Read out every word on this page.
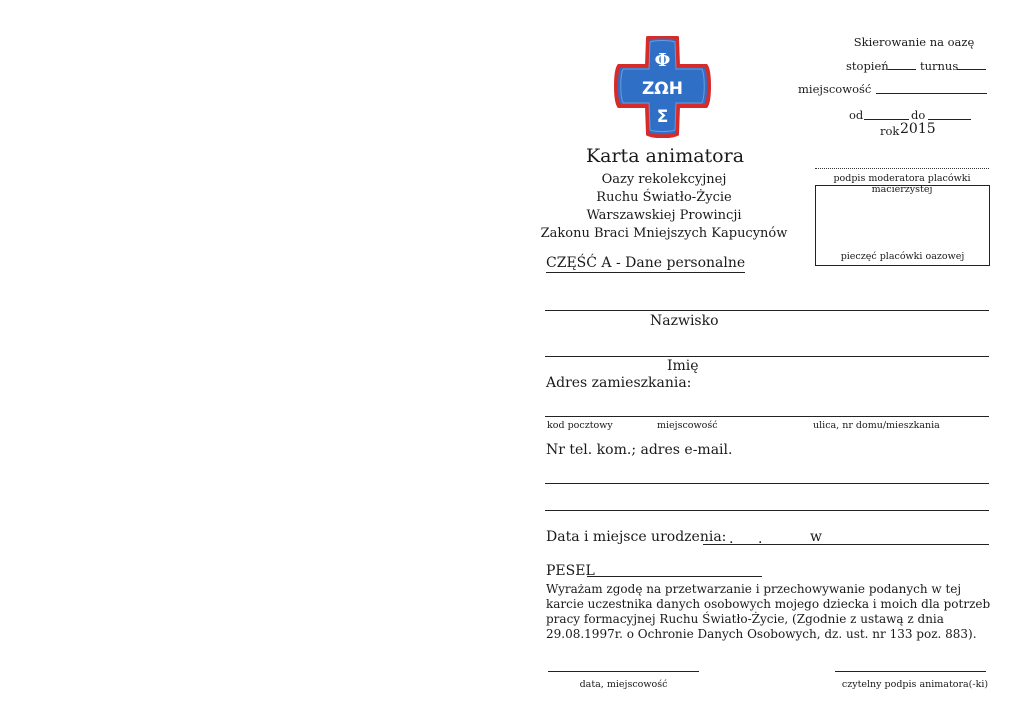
Φ
ΖΩΗ
Σ
Karta animatora
Oazy rekolekcyjnej
Ruchu Światło-Życie
Warszawskiej Prowincji
Zakonu Braci Mniejszych Kapucynów
Skierowanie na oazę
stopień	turnus
miejscowość
od	do
rok 2015
podpis moderatora placówki macierzystej
pieczęć placówki oazowej
CZĘŚĆ A - Dane personalne
Nazwisko
Imię
Adres zamieszkania:
kod pocztowy	miejscowość	ulica, nr domu/mieszkania
Nr tel. kom.; adres e-mail.
Data i miejsce urodzenia: . .	w
PESEL
Wyrażam zgodę na przetwarzanie i przechowywanie podanych w tej karcie uczestnika danych osobowych mojego dziecka i moich dla potrzeb pracy formacyjnej Ruchu Światło-Życie, (Zgodnie z ustawą z dnia 29.08.1997r. o Ochronie Danych Osobowych, dz. ust. nr 133 poz. 883).
data, miejscowość	czytelny podpis animatora(-ki)
